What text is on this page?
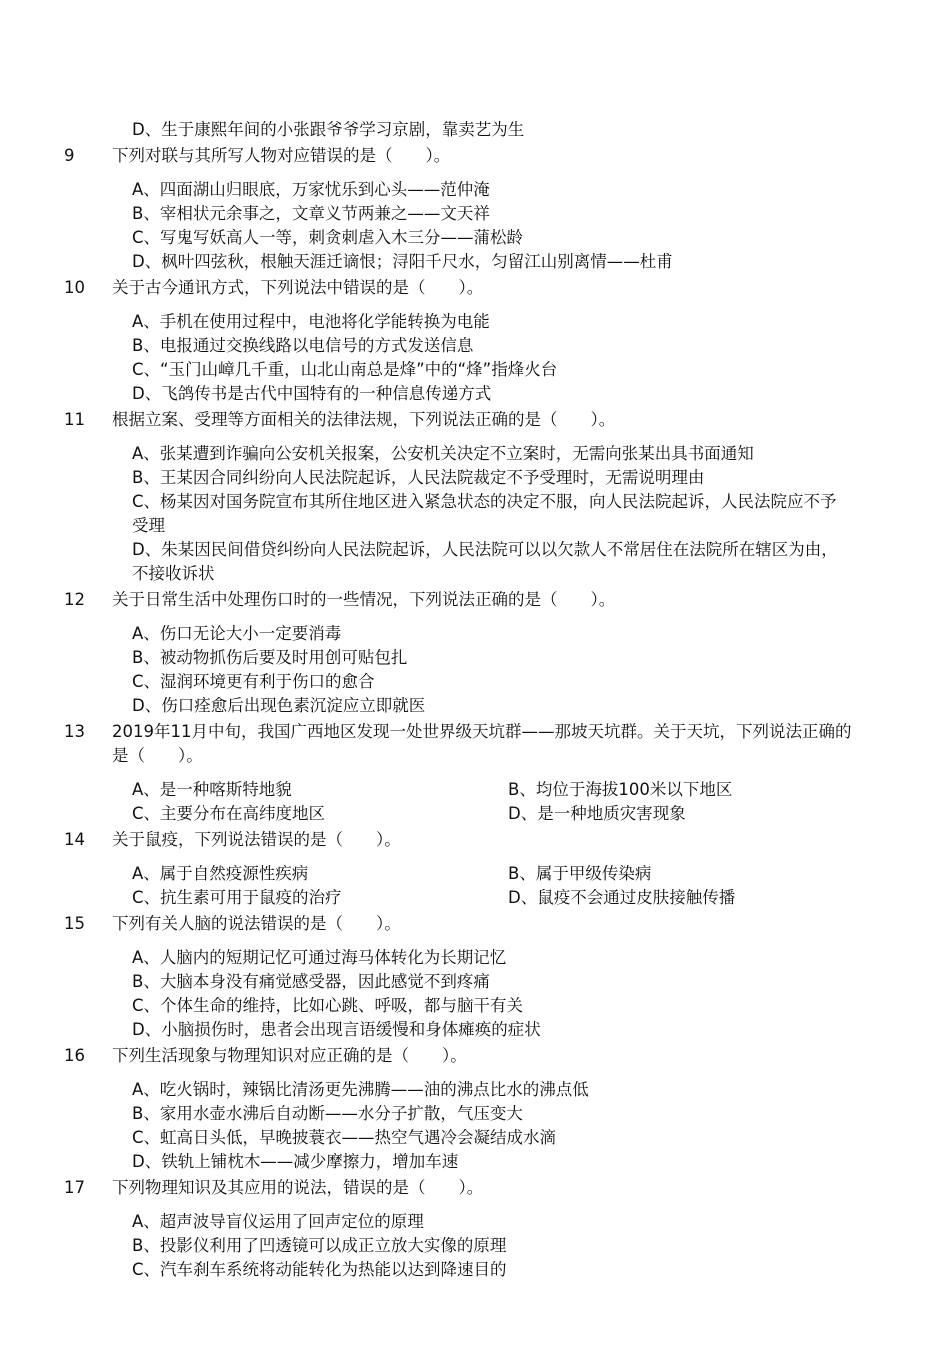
D、生于康熙年间的小张跟爷爷学习京剧，靠卖艺为生
9 下列对联与其所写人物对应错误的是（　　）。
A、四面湖山归眼底，万家忧乐到心头——范仲淹
B、宰相状元余事之，文章义节两兼之——文天祥
C、写鬼写妖高人一等，刺贪刺虐入木三分——蒲松龄
D、枫叶四弦秋，根触天涯迁谪恨；浔阳千尺水，匀留江山别离情——杜甫
10 关于古今通讯方式，下列说法中错误的是（　　）。
A、手机在使用过程中，电池将化学能转换为电能
B、电报通过交换线路以电信号的方式发送信息
C、“玉门山嶂几千重，山北山南总是烽”中的“烽”指烽火台
D、飞鸽传书是古代中国特有的一种信息传递方式
11 根据立案、受理等方面相关的法律法规，下列说法正确的是（　　）。
A、张某遭到诈骗向公安机关报案，公安机关决定不立案时，无需向张某出具书面通知
B、王某因合同纠纷向人民法院起诉，人民法院裁定不予受理时，无需说明理由
C、杨某因对国务院宣布其所住地区进入紧急状态的决定不服，向人民法院起诉，人民法院应不予受理
D、朱某因民间借贷纠纷向人民法院起诉，人民法院可以以欠款人不常居住在法院所在辖区为由，不接收诉状
12 关于日常生活中处理伤口时的一些情况，下列说法正确的是（　　）。
A、伤口无论大小一定要消毒
B、被动物抓伤后要及时用创可贴包扎
C、湿润环境更有利于伤口的愈合
D、伤口痊愈后出现色素沉淀应立即就医
13 2019年11月中旬，我国广西地区发现一处世界级天坑群——那坡天坑群。关于天坑，下列说法正确的是（　　）。
A、是一种喀斯特地貌	B、均位于海拔100米以下地区
C、主要分布在高纬度地区	D、是一种地质灾害现象
14 关于鼠疫，下列说法错误的是（　　）。
A、属于自然疫源性疾病	B、属于甲级传染病
C、抗生素可用于鼠疫的治疗	D、鼠疫不会通过皮肤接触传播
15 下列有关人脑的说法错误的是（　　）。
A、人脑内的短期记忆可通过海马体转化为长期记忆
B、大脑本身没有痛觉感受器，因此感觉不到疼痛
C、个体生命的维持，比如心跳、呼吸，都与脑干有关
D、小脑损伤时，患者会出现言语缓慢和身体瘫痪的症状
16 下列生活现象与物理知识对应正确的是（　　）。
A、吃火锅时，辣锅比清汤更先沸腾——油的沸点比水的沸点低
B、家用水壶水沸后自动断——水分子扩散，气压变大
C、虹高日头低，早晚披蓑衣——热空气遇冷会凝结成水滴
D、铁轨上铺枕木——减少摩擦力，增加车速
17 下列物理知识及其应用的说法，错误的是（　　）。
A、超声波导盲仪运用了回声定位的原理
B、投影仪利用了凹透镜可以成正立放大实像的原理
C、汽车刹车系统将动能转化为热能以达到降速目的
